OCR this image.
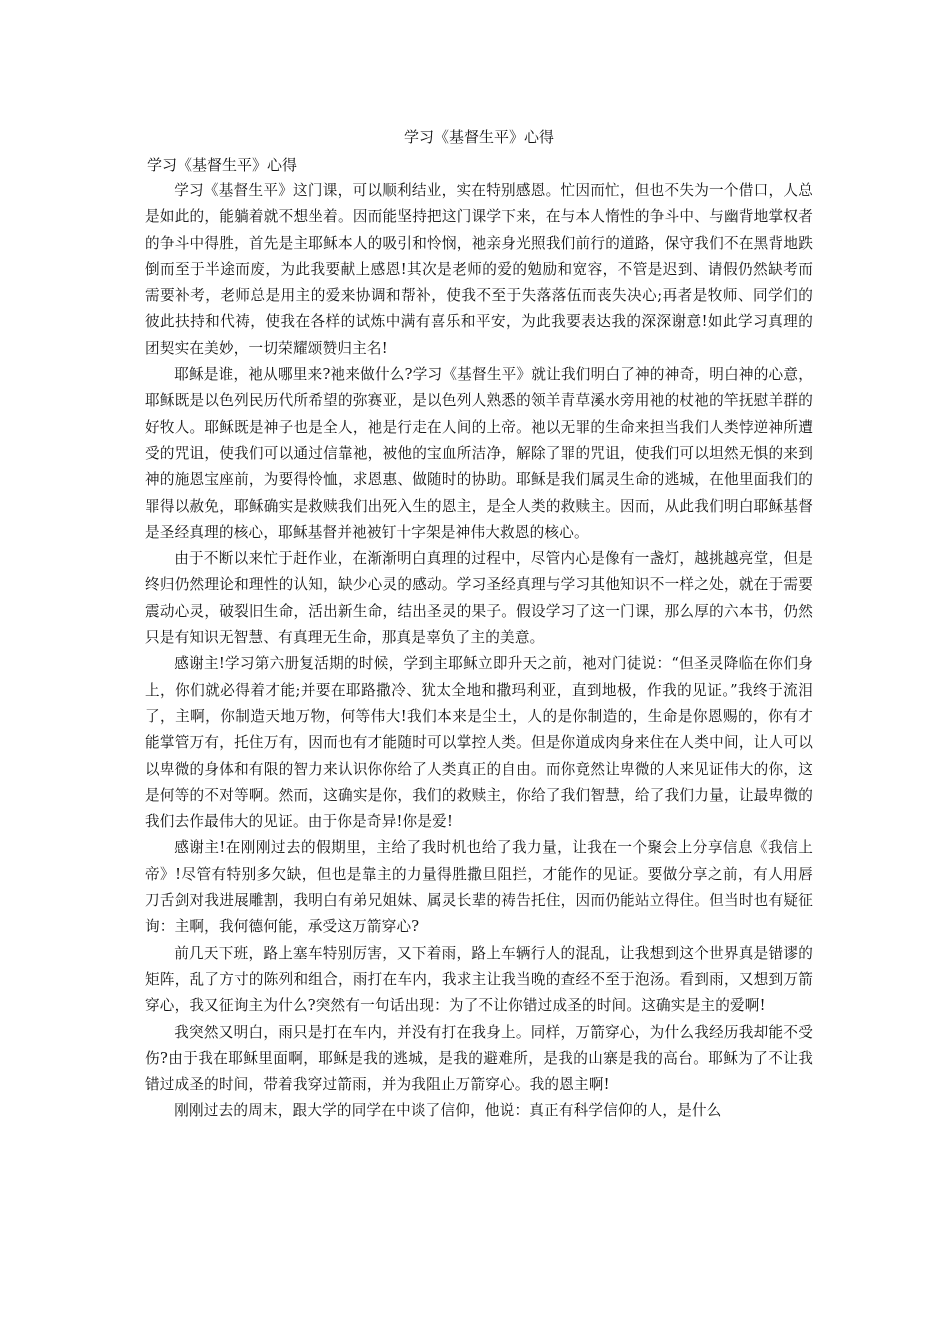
学习《基督生平》心得
学习《基督生平》心得

学习《基督生平》这门课，可以顺利结业，实在特别感恩。忙因而忙，但也不失为一个借口，人总是如此的，能躺着就不想坐着。因而能坚持把这门课学下来，在与本人惰性的争斗中、与幽背地掌权者的争斗中得胜，首先是主耶稣本人的吸引和怜悯，祂亲身光照我们前行的道路，保守我们不在黑背地跌倒而至于半途而废，为此我要献上感恩!其次是老师的爱的勉励和宽容，不管是迟到、请假仍然缺考而需要补考，老师总是用主的爱来协调和帮补，使我不至于失落落伍而丧失决心;再者是牧师、同学们的彼此扶持和代祷，使我在各样的试炼中满有喜乐和平安，为此我要表达我的深深谢意!如此学习真理的团契实在美妙，一切荣耀颂赞归主名!

耶稣是谁，祂从哪里来?祂来做什么?学习《基督生平》就让我们明白了神的神奇，明白神的心意，耶稣既是以色列民历代所希望的弥赛亚，是以色列人熟悉的领羊青草溪水旁用祂的杖祂的竿抚慰羊群的好牧人。耶稣既是神子也是全人，祂是行走在人间的上帝。祂以无罪的生命来担当我们人类悖逆神所遭受的咒诅，使我们可以通过信靠祂，被他的宝血所洁净，解除了罪的咒诅，使我们可以坦然无惧的来到神的施恩宝座前，为要得怜恤，求恩惠、做随时的协助。耶稣是我们属灵生命的逃城，在他里面我们的罪得以赦免，耶稣确实是救赎我们出死入生的恩主，是全人类的救赎主。因而，从此我们明白耶稣基督是圣经真理的核心，耶稣基督并祂被钉十字架是神伟大救恩的核心。

由于不断以来忙于赶作业，在渐渐明白真理的过程中，尽管内心是像有一盏灯，越挑越亮堂，但是终归仍然理论和理性的认知，缺少心灵的感动。学习圣经真理与学习其他知识不一样之处，就在于需要震动心灵，破裂旧生命，活出新生命，结出圣灵的果子。假设学习了这一门课，那么厚的六本书，仍然只是有知识无智慧、有真理无生命，那真是辜负了主的美意。

感谢主!学习第六册复活期的时候，学到主耶稣立即升天之前，祂对门徒说：“但圣灵降临在你们身上，你们就必得着才能;并要在耶路撒冷、犹太全地和撒玛利亚，直到地极，作我的见证。”我终于流泪了，主啊，你制造天地万物，何等伟大!我们本来是尘土，人的是你制造的，生命是你恩赐的，你有才能掌管万有，托住万有，因而也有才能随时可以掌控人类。但是你道成肉身来住在人类中间，让人可以以卑微的身体和有限的智力来认识你你给了人类真正的自由。而你竟然让卑微的人来见证伟大的你，这是何等的不对等啊。然而，这确实是你，我们的救赎主，你给了我们智慧，给了我们力量，让最卑微的我们去作最伟大的见证。由于你是奇异!你是爱!

感谢主!在刚刚过去的假期里，主给了我时机也给了我力量，让我在一个聚会上分享信息《我信上帝》!尽管有特别多欠缺，但也是靠主的力量得胜撒旦阻拦，才能作的见证。要做分享之前，有人用唇刀舌剑对我进展雕割，我明白有弟兄姐妹、属灵长辈的祷告托住，因而仍能站立得住。但当时也有疑征询：主啊，我何德何能，承受这万箭穿心?

前几天下班，路上塞车特别厉害，又下着雨，路上车辆行人的混乱，让我想到这个世界真是错谬的矩阵，乱了方寸的陈列和组合，雨打在车内，我求主让我当晚的查经不至于泡汤。看到雨，又想到万箭穿心，我又征询主为什么?突然有一句话出现：为了不让你错过成圣的时间。这确实是主的爱啊!

我突然又明白，雨只是打在车内，并没有打在我身上。同样，万箭穿心，为什么我经历我却能不受伤?由于我在耶稣里面啊，耶稣是我的逃城，是我的避难所，是我的山寨是我的高台。耶稣为了不让我错过成圣的时间，带着我穿过箭雨，并为我阻止万箭穿心。我的恩主啊!

刚刚过去的周末，跟大学的同学在中谈了信仰，他说：真正有科学信仰的人，是什么
